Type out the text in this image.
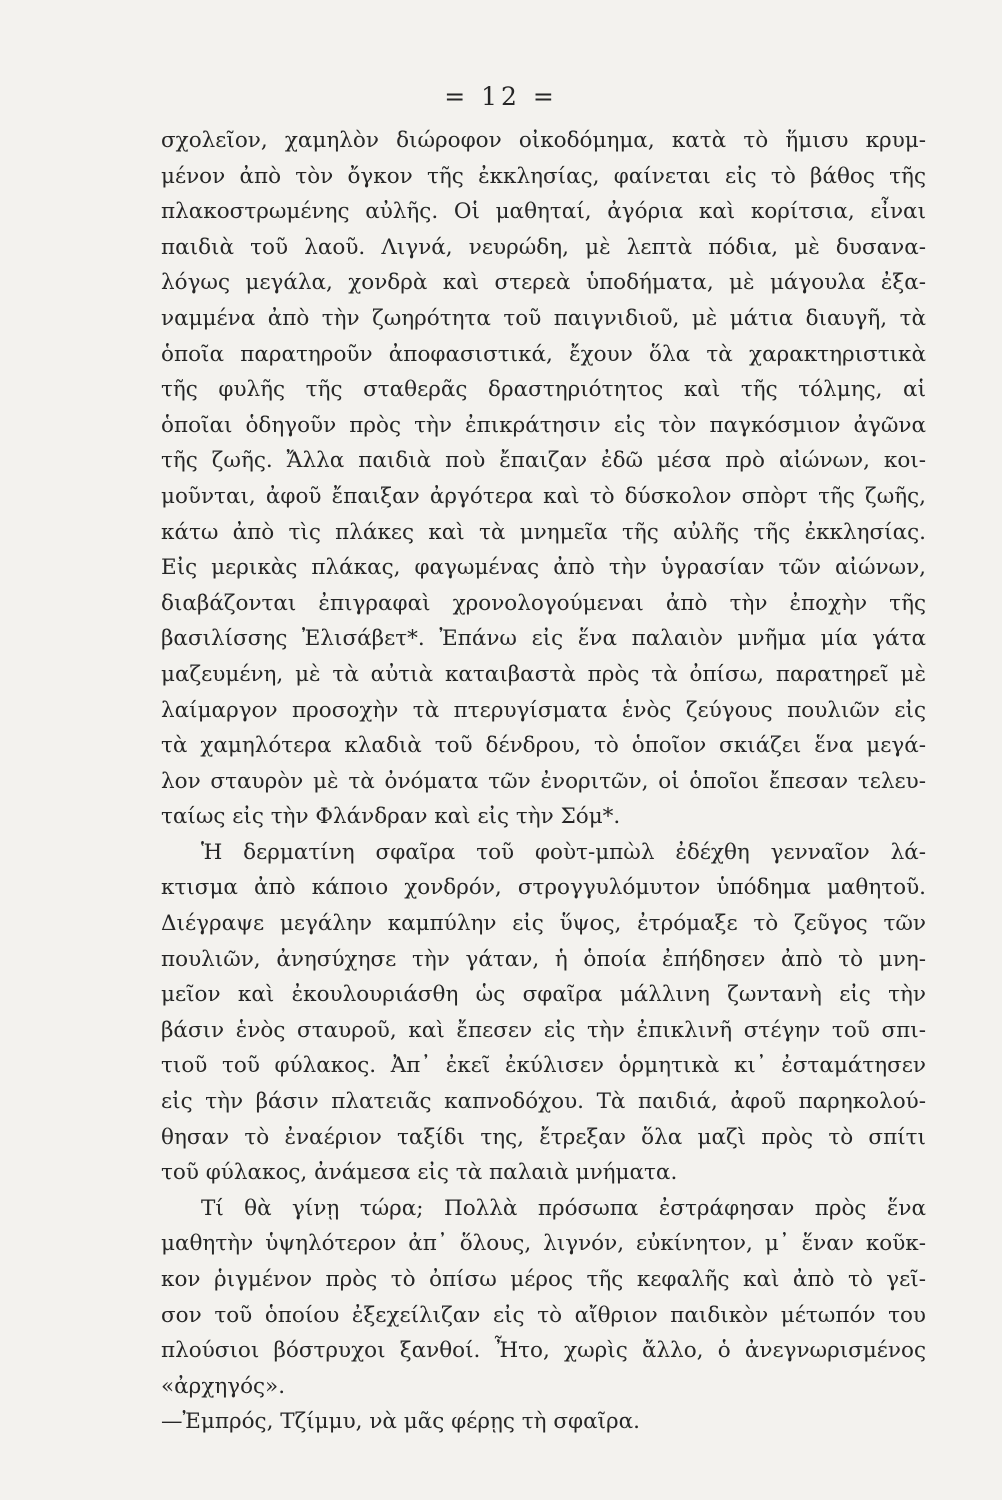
= 12 =
σχολεῖον, χαμηλὸν διώροφον οἰκοδόμημα, κατὰ τὸ ἥμισυ κρυμ-
μένον ἀπὸ τὸν ὄγκον τῆς ἐκκλησίας, φαίνεται εἰς τὸ βάθος τῆς
πλακοστρωμένης αὐλῆς. Οἱ μαθηταί, ἀγόρια καὶ κορίτσια, εἶναι
παιδιὰ τοῦ λαοῦ. Λιγνά, νευρώδη, μὲ λεπτὰ πόδια, μὲ δυσανα-
λόγως μεγάλα, χονδρὰ καὶ στερεὰ ὑποδήματα, μὲ μάγουλα ἐξα-
ναμμένα ἀπὸ τὴν ζωηρότητα τοῦ παιγνιδιοῦ, μὲ μάτια διαυγῆ, τὰ
ὁποῖα παρατηροῦν ἀποφασιστικά, ἔχουν ὅλα τὰ χαρακτηριστικὰ
τῆς φυλῆς τῆς σταθερᾶς δραστηριότητος καὶ τῆς τόλμης, αἱ
ὁποῖαι ὁδηγοῦν πρὸς τὴν ἐπικράτησιν εἰς τὸν παγκόσμιον ἀγῶνα
τῆς ζωῆς. Ἄλλα παιδιὰ ποὺ ἔπαιζαν ἐδῶ μέσα πρὸ αἰώνων, κοι-
μοῦνται, ἀφοῦ ἔπαιξαν ἀργότερα καὶ τὸ δύσκολον σπὸρτ τῆς ζωῆς,
κάτω ἀπὸ τὶς πλάκες καὶ τὰ μνημεῖα τῆς αὐλῆς τῆς ἐκκλησίας.
Εἰς μερικὰς πλάκας, φαγωμένας ἀπὸ τὴν ὑγρασίαν τῶν αἰώνων,
διαβάζονται ἐπιγραφαὶ χρονολογούμεναι ἀπὸ τὴν ἐποχὴν τῆς
βασιλίσσης Ἐλισάβετ*. Ἐπάνω εἰς ἕνα παλαιὸν μνῆμα μία γάτα
μαζευμένη, μὲ τὰ αὐτιὰ καταιβαστὰ πρὸς τὰ ὀπίσω, παρατηρεῖ μὲ
λαίμαργον προσοχὴν τὰ πτερυγίσματα ἑνὸς ζεύγους πουλιῶν εἰς
τὰ χαμηλότερα κλαδιὰ τοῦ δένδρου, τὸ ὁποῖον σκιάζει ἕνα μεγά-
λον σταυρὸν μὲ τὰ ὀνόματα τῶν ἐνοριτῶν, οἱ ὁποῖοι ἔπεσαν τελευ-
ταίως εἰς τὴν Φλάνδραν καὶ εἰς τὴν Σόμ*.
Ἡ δερματίνη σφαῖρα τοῦ φοὺτ-μπὼλ ἐδέχθη γενναῖον λά-
κτισμα ἀπὸ κάποιο χονδρόν, στρογγυλόμυτον ὑπόδημα μαθητοῦ.
Διέγραψε μεγάλην καμπύλην εἰς ὕψος, ἐτρόμαξε τὸ ζεῦγος τῶν
πουλιῶν, ἀνησύχησε τὴν γάταν, ἡ ὁποία ἐπήδησεν ἀπὸ τὸ μνη-
μεῖον καὶ ἐκουλουριάσθη ὡς σφαῖρα μάλλινη ζωντανὴ εἰς τὴν
βάσιν ἑνὸς σταυροῦ, καὶ ἔπεσεν εἰς τὴν ἐπικλινῆ στέγην τοῦ σπι-
τιοῦ τοῦ φύλακος. Ἀπ᾽ ἐκεῖ ἐκύλισεν ὁρμητικὰ κι᾽ ἐσταμάτησεν
εἰς τὴν βάσιν πλατειᾶς καπνοδόχου. Τὰ παιδιά, ἀφοῦ παρηκολού-
θησαν τὸ ἐναέριον ταξίδι της, ἔτρεξαν ὅλα μαζὶ πρὸς τὸ σπίτι
τοῦ φύλακος, ἀνάμεσα εἰς τὰ παλαιὰ μνήματα.
Τί θὰ γίνῃ τώρα; Πολλὰ πρόσωπα ἐστράφησαν πρὸς ἕνα
μαθητὴν ὑψηλότερον ἀπ᾽ ὅλους, λιγνόν, εὐκίνητον, μ᾽ ἕναν κοῦκ-
κον ῥιγμένον πρὸς τὸ ὀπίσω μέρος τῆς κεφαλῆς καὶ ἀπὸ τὸ γεῖ-
σον τοῦ ὁποίου ἐξεχείλιζαν εἰς τὸ αἴθριον παιδικὸν μέτωπόν του
πλούσιοι βόστρυχοι ξανθοί. Ἦτο, χωρὶς ἄλλο, ὁ ἀνεγνωρισμένος
«ἀρχηγός».
—Ἐμπρός, Τζίμμυ, νὰ μᾶς φέρῃς τὴ σφαῖρα.
